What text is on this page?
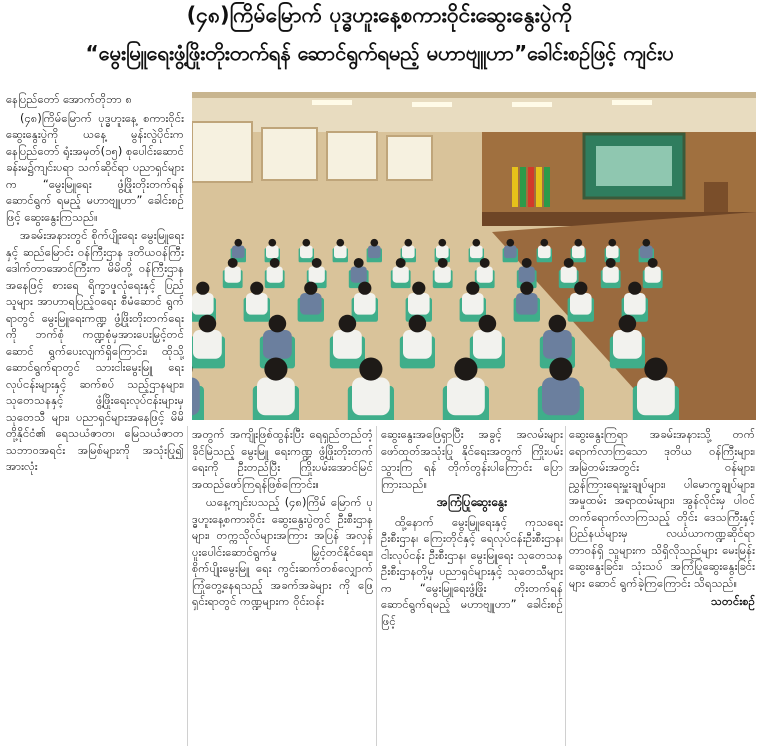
(၄၈)ကြိမ်မြောက် ပုဒ္ဓဟူးနေ့စကားဝိုင်းဆွေးနွေးပွဲကို
“မွေးမြူရေးဖွံ့ဖြိုးတိုးတက်ရန် ဆောင်ရွက်ရမည့် မဟာဗျူဟာ”ခေါင်းစဉ်ဖြင့် ကျင်းပ

နေပြည်တော် အောက်တိုဘာ ၈

(၄၈)ကြိမ်မြောက် ပုဒ္ဓဟူးနေ့ စကားဝိုင်းဆွေးနွေးပွဲကို ယနေ့ မွန်းလွဲပိုင်းက နေပြည်တော် ရုံးအမှတ်(၁၅) စုပေါင်းဆောင် ခန်းမ၌ကျင်းပရာ သက်ဆိုင်ရာ ပညာရှင်များက “မွေးမြူရေး ဖွံ့ဖြိုးတိုးတက်ရန် ဆောင်ရွက် ရမည့် မဟာဗျူဟာ” ခေါင်းစဉ်ဖြင့် ဆွေးနွေးကြသည်။

အခမ်းအနားတွင် စိုက်ပျိုးရေး မွေးမြူရေးနှင့် ဆည်မြောင်း ဝန်ကြီးဌာန ဒုတိယဝန်ကြီး ဒေါက်တာအောင်ကြီးက မိမိတို့ ဝန်ကြီးဌာနအနေဖြင့် စားရေ ရိက္ခာဖူလုံရေးနှင့် ပြည်သူများ အာဟာရပြည့်ဝရေး စီမံဆောင် ရွက်ရာတွင် မွေးမြူရေးကဏ္ဍ ဖွံ့ဖြိုးတိုးတက်ရေးကို ဘက်စုံ ကဏ္ဍစုံမှအားပေးမြှင့်တင် ဆောင် ရွက်ပေးလျက်ရှိကြောင်း၊ ထိုသို့ ဆောင်ရွက်ရာတွင် သားငါးမွေးမြူ ရေးလုပ်ငန်းများနှင့် ဆက်စပ် သည့်ဌာနများ၊ သုတေသနနှင့် ဖွံ့ဖြိုးရေးလုပ်ငန်းများမှ သုတေသီ များ၊ ပညာရှင်များအနေဖြင့် မိမိတို့နိုင်ငံ၏ ရေသယံဇာတ၊ မြေသယံဇာတ သဘာဝအရင်း အမြစ်များကို အသုံးပြု၍ အားလုံး

အတွက် အကျိုးဖြစ်ထွန်းပြီး ရေရှည်တည်တံ့ခိုင်မြဲသည့် မွေးမြူ ရေးကဏ္ဍ ဖွံ့ဖြိုးတိုးတက်ရေးကို ဦးတည်ပြီး ကြိုးပမ်းအောင်မြင် အထည်ဖော်ကြရန်ဖြစ်ကြောင်း။

ယနေ့ကျင်းပသည့် (၄၈)ကြိမ် မြောက် ပုဒ္ဓဟူးနေ့စကားဝိုင်း ဆွေးနွေးပွဲတွင် ဦးစီးဌာနများ၊ တက္ကသိုလ်များအကြား အပြန် အလှန် ပူးပေါင်းဆောင်ရွက်မှု မြှင့်တင်နိုင်ရေး၊ စိုက်ပျိုးမွေးမြူ ရေး ကွင်းဆက်တစ်လျှောက် ကြုံတွေ့နေရသည့် အခက်အခဲများ ကို ဖြေရှင်းရာတွင် ကဏ္ဍများက ဝိုင်းဝန်း

ဆွေးနွေးအဖြေရှာပြီး အခွင့် အလမ်းများ ဖော်ထုတ်အသုံးပြု နိုင်ရေးအတွက် ကြိုးပမ်းသွားကြ ရန် တိုက်တွန်းပါကြောင်း ပြောကြားသည်။

အကြံပြုဆွေးနွေး

ထို့နောက် မွေးမြူရေးနှင့် ကုသရေးဦးစီးဌာန၊ ကြေးတိုင်နှင့် ရေလုပ်ငန်းဦးစီးဌာန၊ ငါးလုပ်ငန်း ဦးစီးဌာန၊ မွေးမြူရေး သုတေသန ဦးစီးဌာနတို့မှ ပညာရှင်များနှင့် သုတေသီများက “မွေးမြူရေးဖွံ့ဖြိုး တိုးတက်ရန် ဆောင်ရွက်ရမည့် မဟာဗျူဟာ” ခေါင်းစဉ်ဖြင့်

ဆွေးနွေးကြရာ အခမ်းအနားသို့ တက်ရောက်လာကြသော ဒုတိယ ဝန်ကြီးများ၊ အမြဲတမ်းအတွင်း ဝန်များ၊ ညွှန်ကြားရေးမှူးချုပ်များ၊ ပါမောက္ခချုပ်များ၊ အမှုထမ်း အရာထမ်းများ၊ အွန်လိုင်းမှ ပါဝင် တက်ရောက်လာကြသည့် တိုင်း ဒေသကြီးနှင့် ပြည်နယ်များမှ လယ်ယာကဏ္ဍဆိုင်ရာ တာဝန်ရှိ သူများက သိရှိလိုသည်များ မေးမြန်းဆွေးနွေးခြင်း၊ သုံးသပ် အကြံပြုဆွေးနွေးခြင်းများ ဆောင် ရွက်ခဲ့ကြကြောင်း သိရသည်။

သတင်းစဉ်
